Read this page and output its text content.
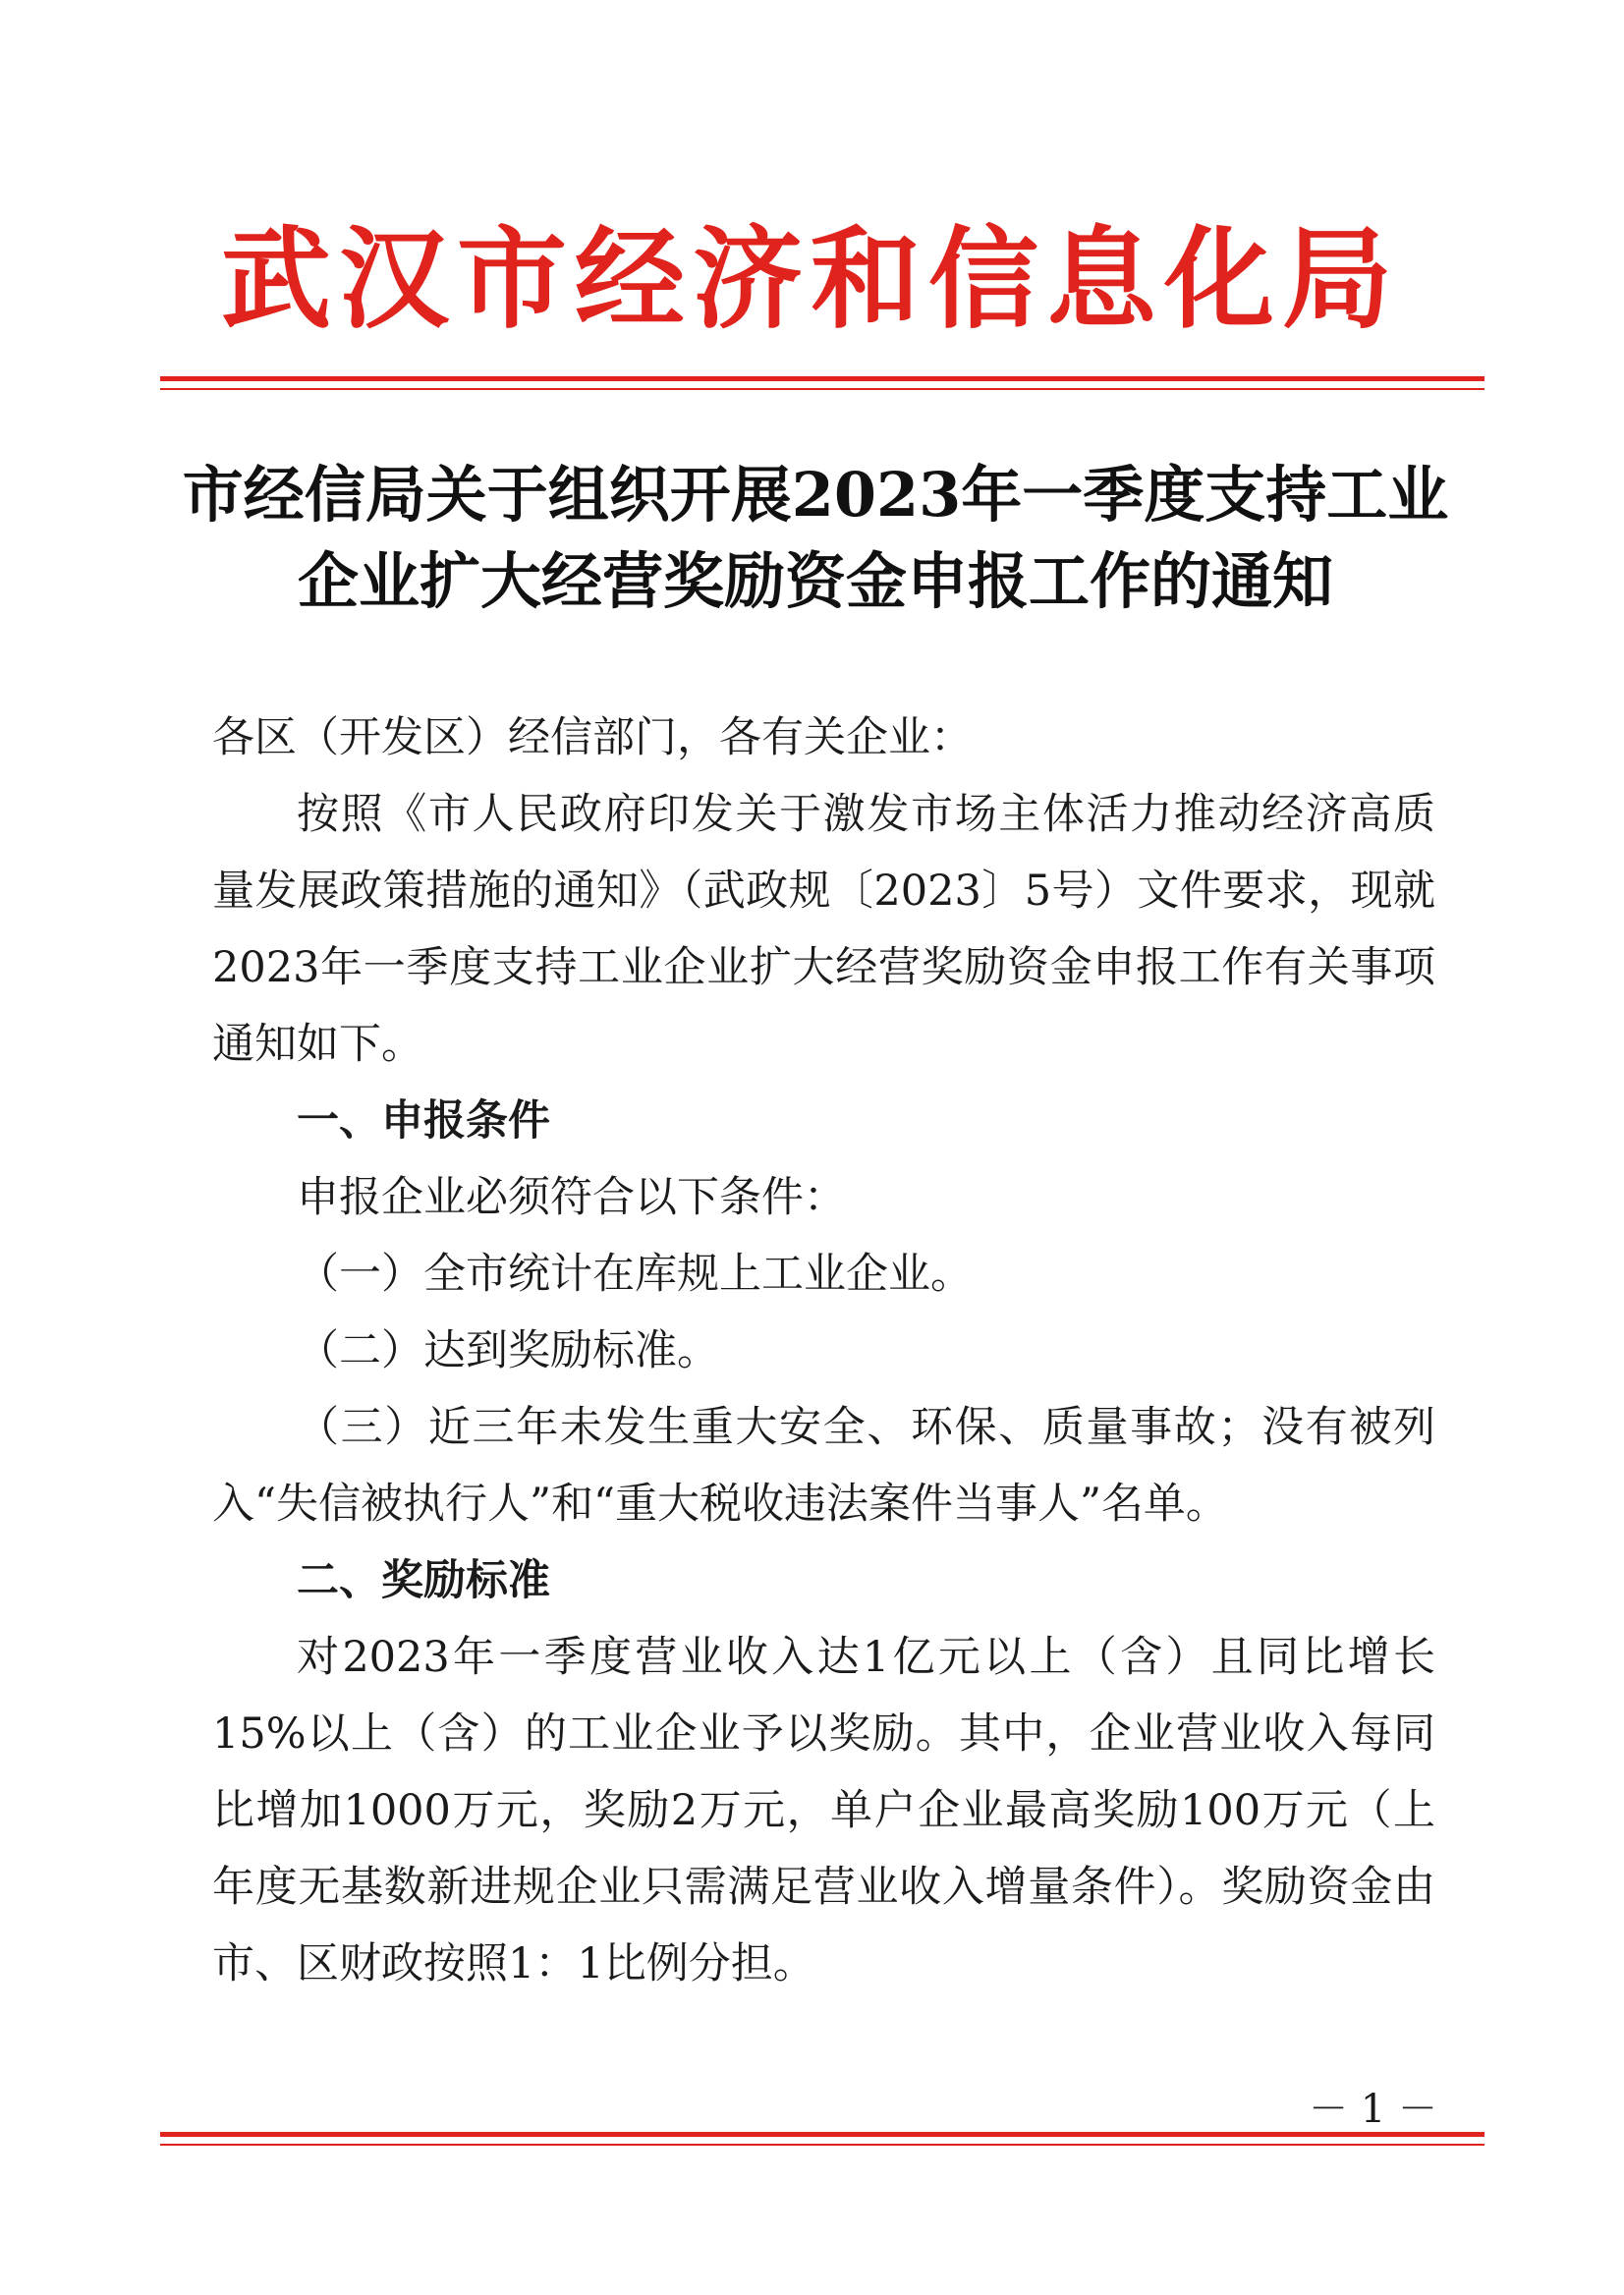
武汉市经济和信息化局
市经信局关于组织开展2023年一季度支持工业
企业扩大经营奖励资金申报工作的通知

各区（开发区）经信部门，各有关企业：

按照《市人民政府印发关于激发市场主体活力推动经济高质量发展政策措施的通知》（武政规〔2023〕5号）文件要求，现就2023年一季度支持工业企业扩大经营奖励资金申报工作有关事项通知如下。

一、申报条件

申报企业必须符合以下条件：

（一）全市统计在库规上工业企业。

（二）达到奖励标准。

（三）近三年未发生重大安全、环保、质量事故；没有被列入“失信被执行人”和“重大税收违法案件当事人”名单。

二、奖励标准

对2023年一季度营业收入达1亿元以上（含）且同比增长15%以上（含）的工业企业予以奖励。其中，企业营业收入每同比增加1000万元，奖励2万元，单户企业最高奖励100万元（上年度无基数新进规企业只需满足营业收入增量条件）。奖励资金由市、区财政按照1：1比例分担。

－ 1 －
